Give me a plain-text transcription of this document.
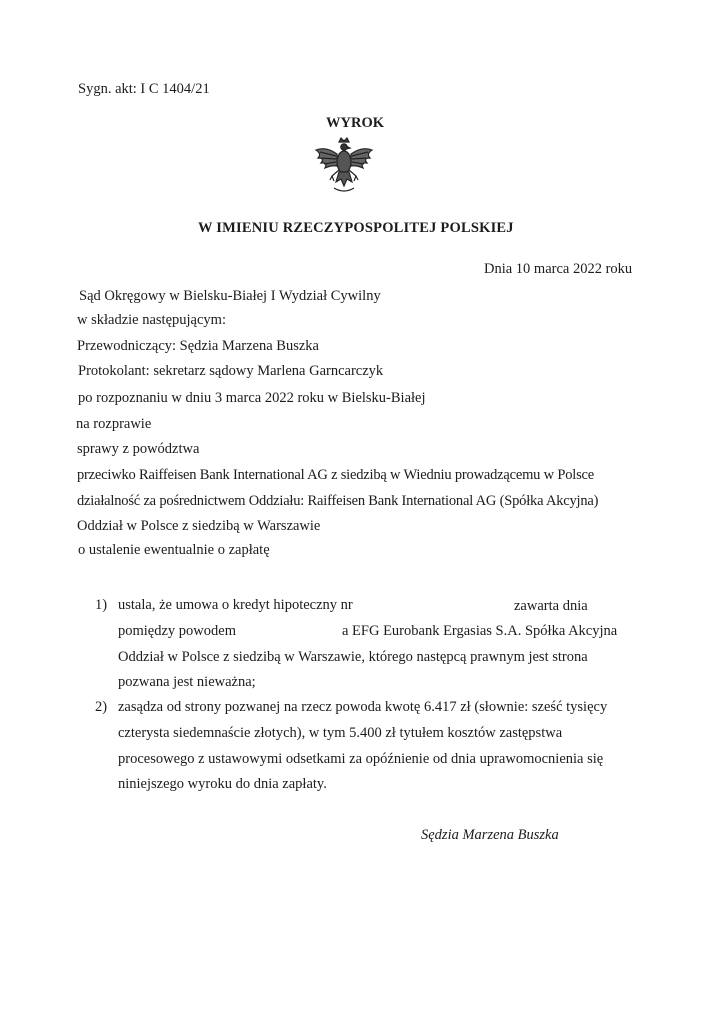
Sygn. akt: I C 1404/21
WYROK
W IMIENIU RZECZYPOSPOLITEJ POLSKIEJ
Dnia 10 marca 2022 roku
Sąd Okręgowy w Bielsku-Białej I Wydział Cywilny
w składzie następującym:
Przewodniczący: Sędzia Marzena Buszka
Protokolant: sekretarz sądowy Marlena Garncarczyk
po rozpoznaniu w dniu 3 marca 2022 roku w Bielsku-Białej
na rozprawie
sprawy z powództwa
przeciwko Raiffeisen Bank International AG z siedzibą w Wiedniu prowadzącemu w Polsce
działalność za pośrednictwem Oddziału: Raiffeisen Bank International AG (Spółka Akcyjna)
Oddział w Polsce z siedzibą w Warszawie
o ustalenie ewentualnie o zapłatę
1) ustala, że umowa o kredyt hipoteczny nr	zawarta dnia
pomiędzy powodem	a EFG Eurobank Ergasias S.A. Spółka Akcyjna
Oddział w Polsce z siedzibą w Warszawie, którego następcą prawnym jest strona
pozwana jest nieważna;
2) zasądza od strony pozwanej na rzecz powoda kwotę 6.417 zł (słownie: sześć tysięcy
czterysta siedemnaście złotych), w tym 5.400 zł tytułem kosztów zastępstwa
procesowego z ustawowymi odsetkami za opóźnienie od dnia uprawomocnienia się
niniejszego wyroku do dnia zapłaty.
Sędzia Marzena Buszka
